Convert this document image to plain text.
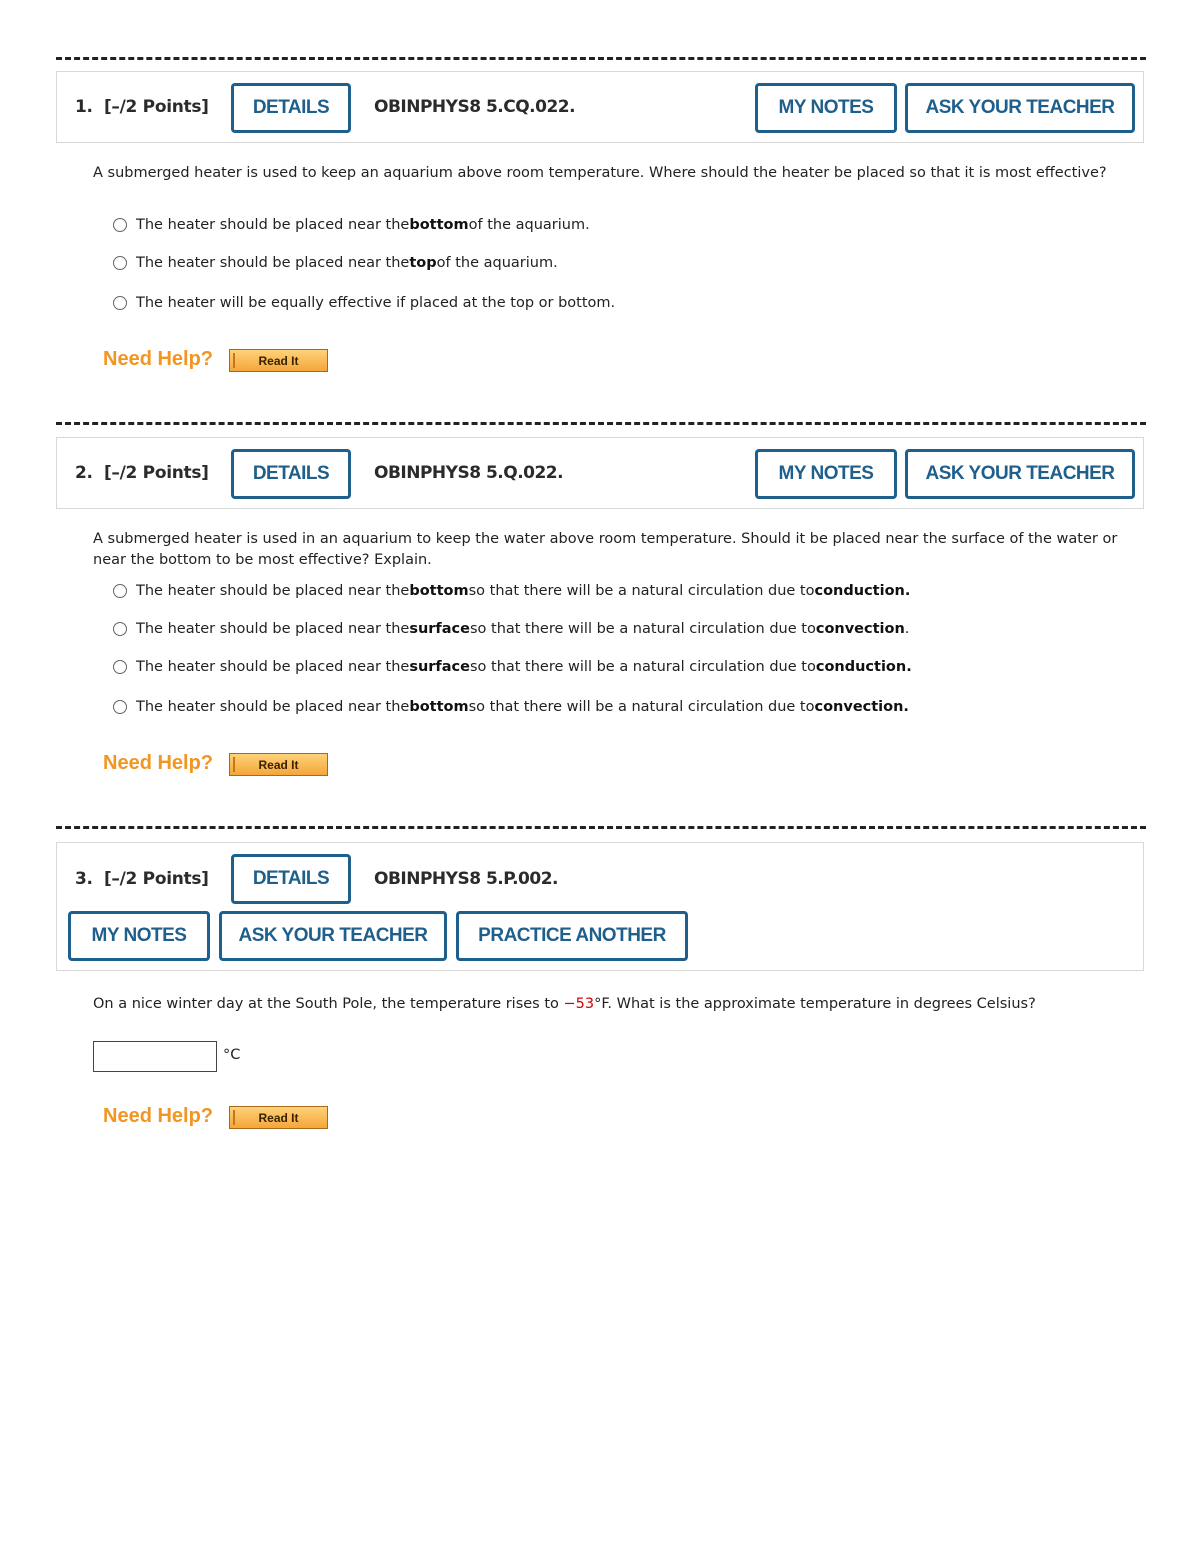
1. [–/2 Points]	DETAILS	OBINPHYS8 5.CQ.022.	MY NOTES	ASK YOUR TEACHER
A submerged heater is used to keep an aquarium above room temperature. Where should the heater be placed so that it is most effective?
The heater should be placed near the bottom of the aquarium.
The heater should be placed near the top of the aquarium.
The heater will be equally effective if placed at the top or bottom.
Need Help?	Read It
2. [–/2 Points]	DETAILS	OBINPHYS8 5.Q.022.	MY NOTES	ASK YOUR TEACHER
A submerged heater is used in an aquarium to keep the water above room temperature. Should it be placed near the surface of the water or near the bottom to be most effective? Explain.
The heater should be placed near the bottom so that there will be a natural circulation due to conduction.
The heater should be placed near the surface so that there will be a natural circulation due to convection .
The heater should be placed near the surface so that there will be a natural circulation due to conduction.
The heater should be placed near the bottom so that there will be a natural circulation due to convection.
Need Help?	Read It
3. [–/2 Points]	DETAILS	OBINPHYS8 5.P.002.
MY NOTES	ASK YOUR TEACHER	PRACTICE ANOTHER
On a nice winter day at the South Pole, the temperature rises to −53°F. What is the approximate temperature in degrees Celsius?
°C
Need Help?	Read It
